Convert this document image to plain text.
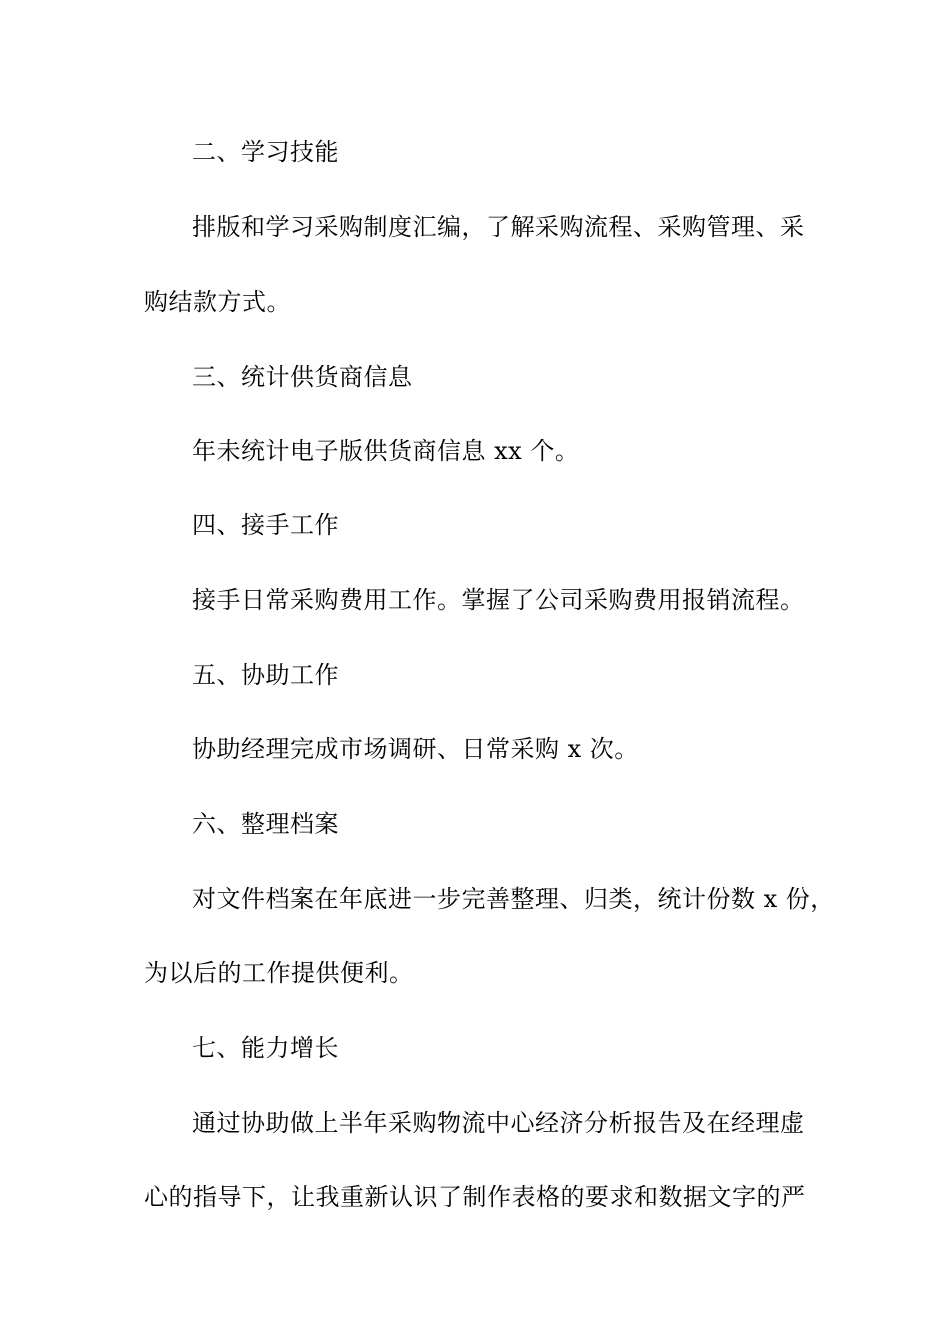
二、学习技能
排版和学习采购制度汇编，了解采购流程、采购管理、采
购结款方式。
三、统计供货商信息
年未统计电子版供货商信息 xx 个。
四、接手工作
接手日常采购费用工作。掌握了公司采购费用报销流程。
五、协助工作
协助经理完成市场调研、日常采购 x 次。
六、整理档案
对文件档案在年底进一步完善整理、归类，统计份数 x 份，
为以后的工作提供便利。
七、能力增长
通过协助做上半年采购物流中心经济分析报告及在经理虚
心的指导下，让我重新认识了制作表格的要求和数据文字的严
